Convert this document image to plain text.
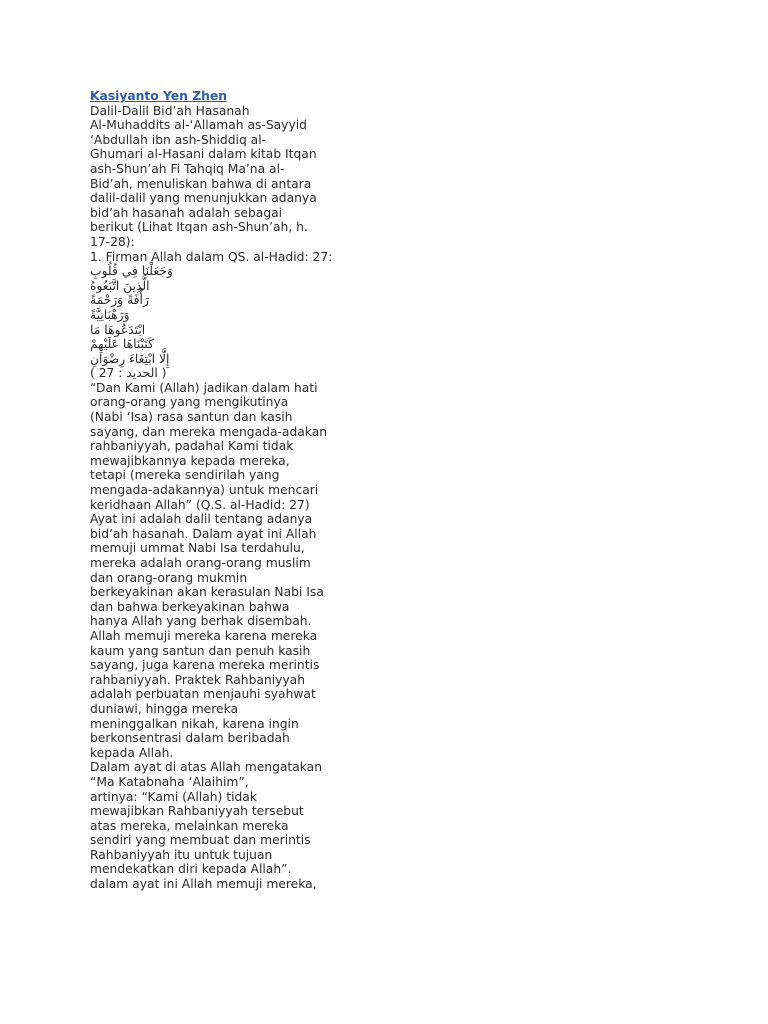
Kasiyanto Yen Zhen
Dalil-Dalil Bid’ah Hasanah
Al-Muhaddits al-‘Allamah as-Sayyid
‘Abdullah ibn ash-Shiddiq al-
Ghumari al-Hasani dalam kitab Itqan
ash-Shun’ah Fi Tahqiq Ma’na al-
Bid’ah, menuliskan bahwa di antara
dalil-dalil yang menunjukkan adanya
bid’ah hasanah adalah sebagai
berikut (Lihat Itqan ash-Shun’ah, h.
17-28):
1. Firman Allah dalam QS. al-Hadid: 27:
وَجَعَلْنَا فِي قُلُوبِ
الَّذِينَ اتَّبَعُوهُ
رَأْفَةً وَرَحْمَةً
وَرَهْبَانِيَّةً
ابْتَدَعُوهَا مَا
كَتَبْنَاهَا عَلَيْهِمْ
إِلَّا ابْتِغَاءَ رِضْوَانِ
( الحديد : 27 )
“Dan Kami (Allah) jadikan dalam hati
orang-orang yang mengikutinya
(Nabi ‘Isa) rasa santun dan kasih
sayang, dan mereka mengada-adakan
rahbaniyyah, padahal Kami tidak
mewajibkannya kepada mereka,
tetapi (mereka sendirilah yang
mengada-adakannya) untuk mencari
keridhaan Allah” (Q.S. al-Hadid: 27)
Ayat ini adalah dalil tentang adanya
bid’ah hasanah. Dalam ayat ini Allah
memuji ummat Nabi Isa terdahulu,
mereka adalah orang-orang muslim
dan orang-orang mukmin
berkeyakinan akan kerasulan Nabi Isa
dan bahwa berkeyakinan bahwa
hanya Allah yang berhak disembah.
Allah memuji mereka karena mereka
kaum yang santun dan penuh kasih
sayang, juga karena mereka merintis
rahbaniyyah. Praktek Rahbaniyyah
adalah perbuatan menjauhi syahwat
duniawi, hingga mereka
meninggalkan nikah, karena ingin
berkonsentrasi dalam beribadah
kepada Allah.
Dalam ayat di atas Allah mengatakan
“Ma Katabnaha ‘Alaihim”,
artinya: “Kami (Allah) tidak
mewajibkan Rahbaniyyah tersebut
atas mereka, melainkan mereka
sendiri yang membuat dan merintis
Rahbaniyyah itu untuk tujuan
mendekatkan diri kepada Allah”.
dalam ayat ini Allah memuji mereka,
